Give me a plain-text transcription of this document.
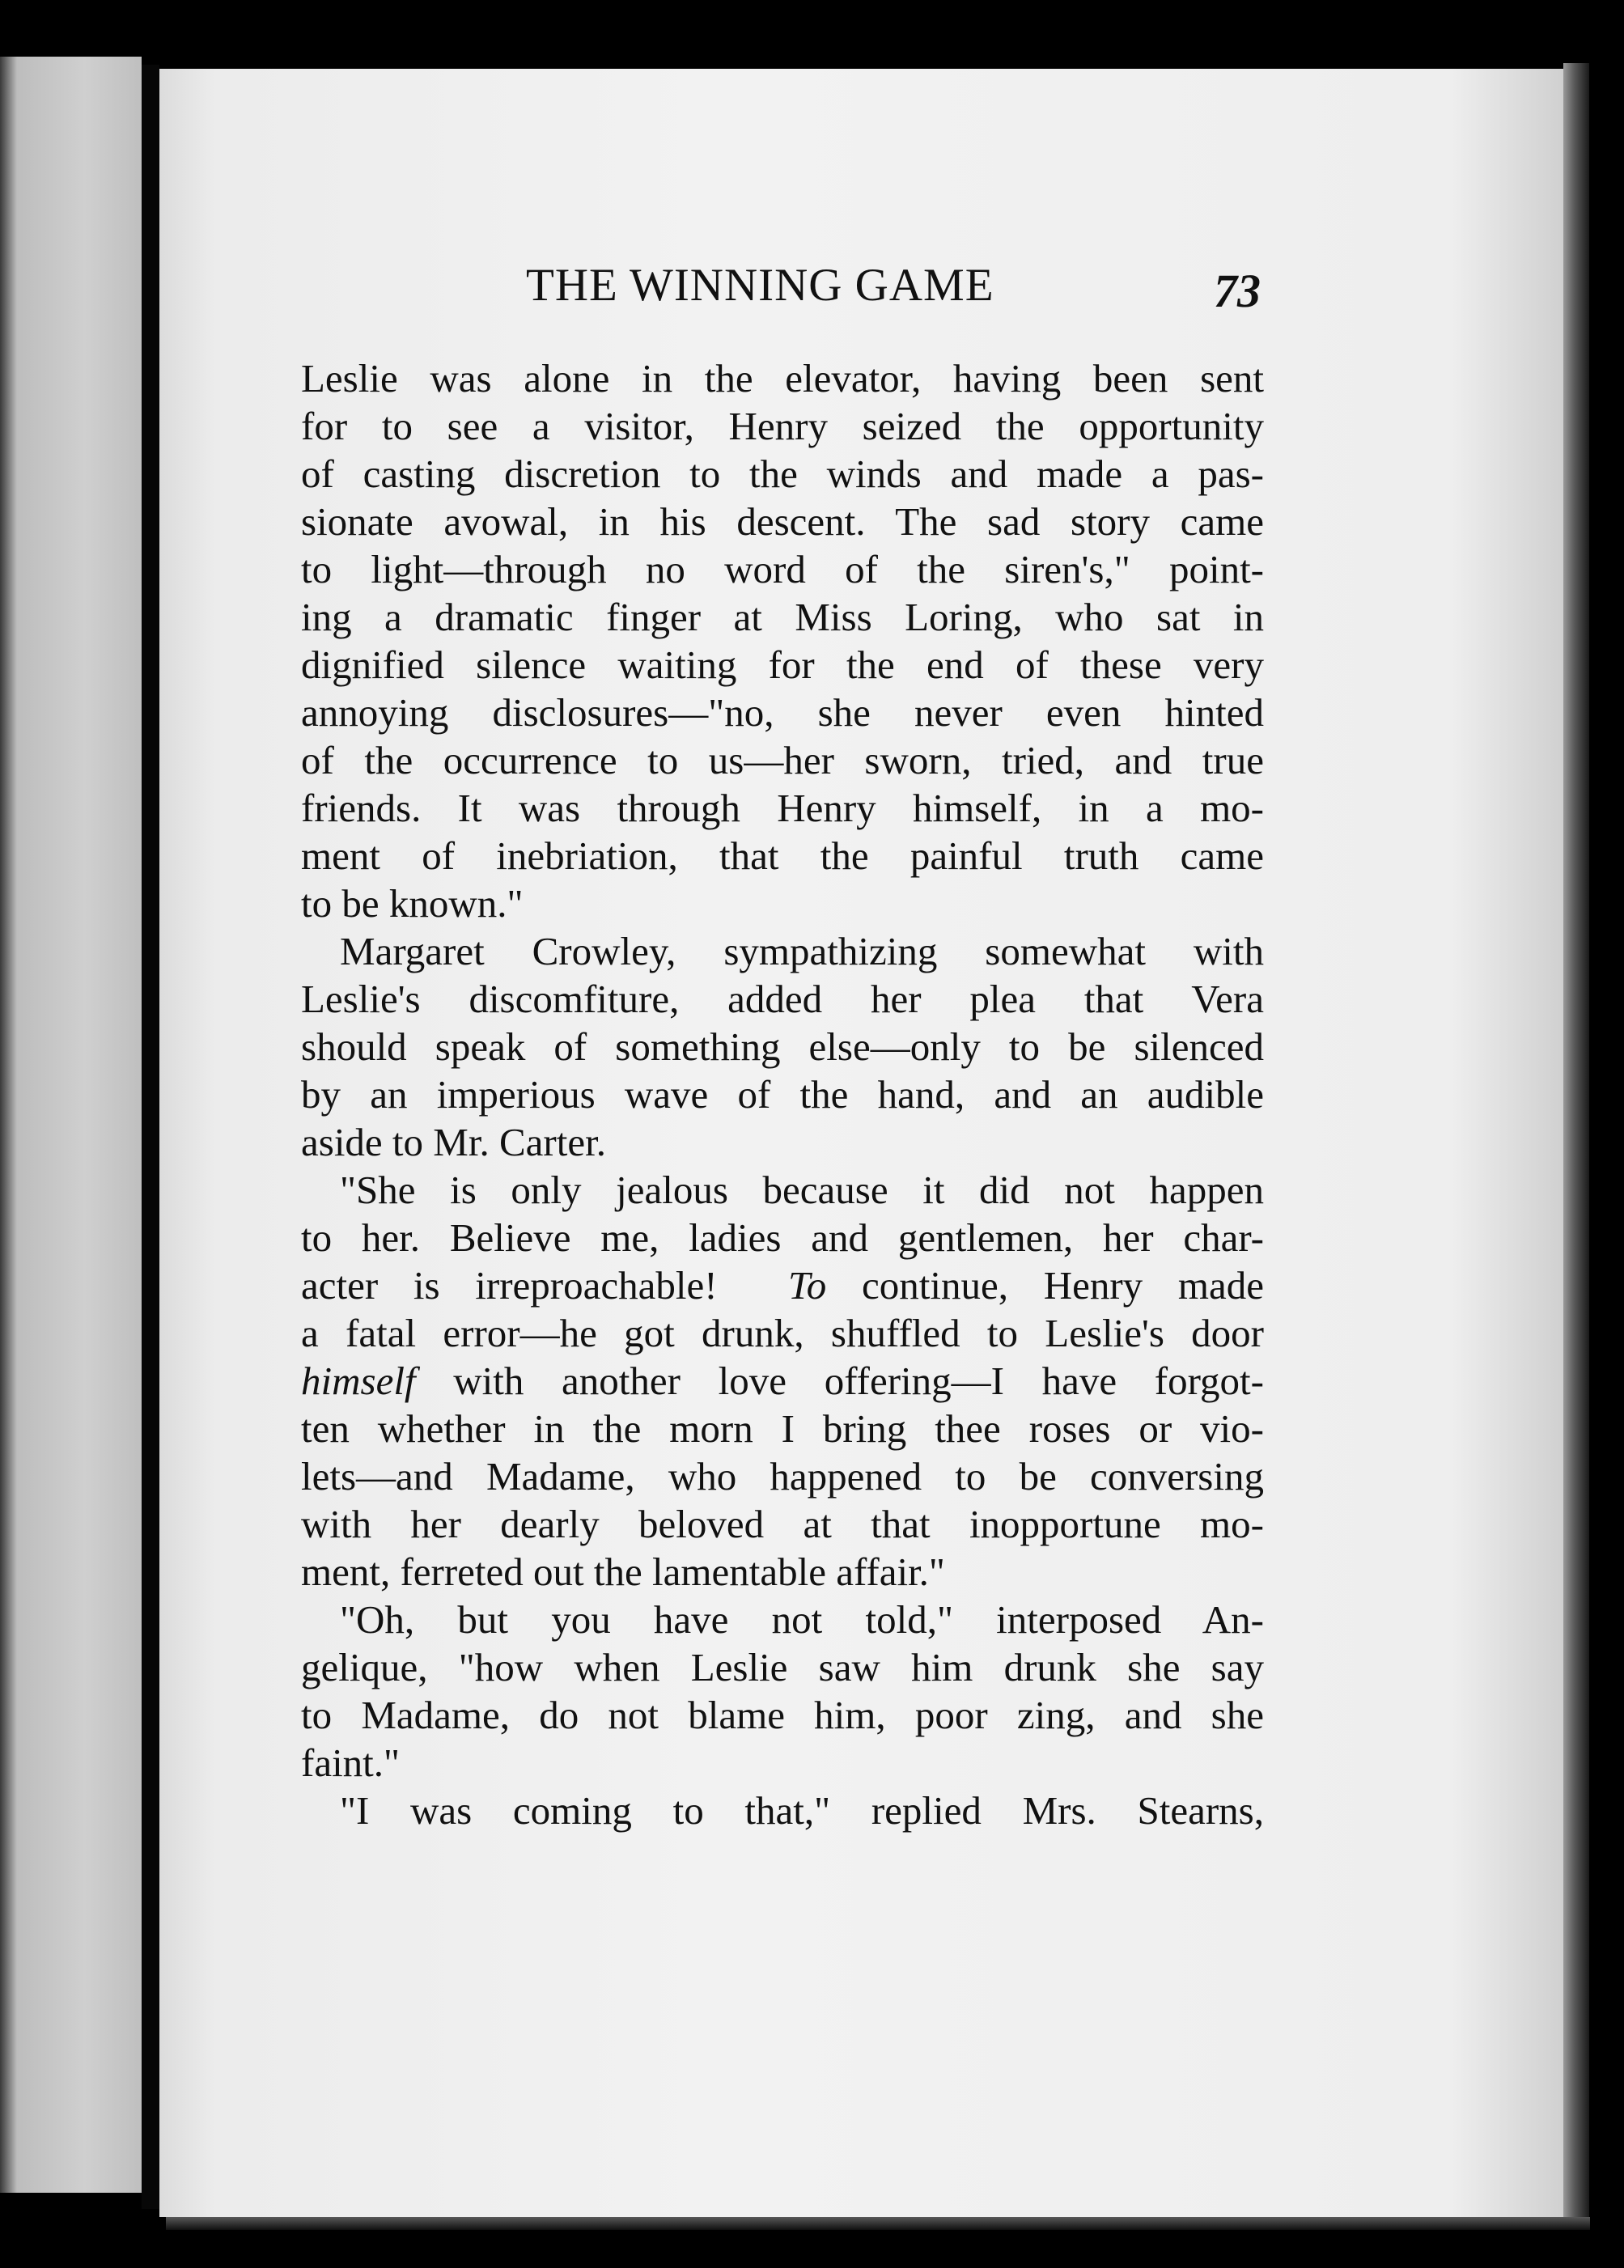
THE WINNING GAME	73
Leslie was alone in the elevator, having been sent
for to see a visitor, Henry seized the opportunity
of casting discretion to the winds and made a pas-
sionate avowal, in his descent. The sad story came
to light—through no word of the siren's," point-
ing a dramatic finger at Miss Loring, who sat in
dignified silence waiting for the end of these very
annoying disclosures—"no, she never even hinted
of the occurrence to us—her sworn, tried, and true
friends. It was through Henry himself, in a mo-
ment of inebriation, that the painful truth came
to be known."
Margaret Crowley, sympathizing somewhat with
Leslie's discomfiture, added her plea that Vera
should speak of something else—only to be silenced
by an imperious wave of the hand, and an audible
aside to Mr. Carter.
"She is only jealous because it did not happen
to her. Believe me, ladies and gentlemen, her char-
acter is irreproachable! To continue, Henry made
a fatal error—he got drunk, shuffled to Leslie's door
himself with another love offering—I have forgot-
ten whether in the morn I bring thee roses or vio-
lets—and Madame, who happened to be conversing
with her dearly beloved at that inopportune mo-
ment, ferreted out the lamentable affair."
"Oh, but you have not told," interposed An-
gelique, "how when Leslie saw him drunk she say
to Madame, do not blame him, poor zing, and she
faint."
"I was coming to that," replied Mrs. Stearns,
